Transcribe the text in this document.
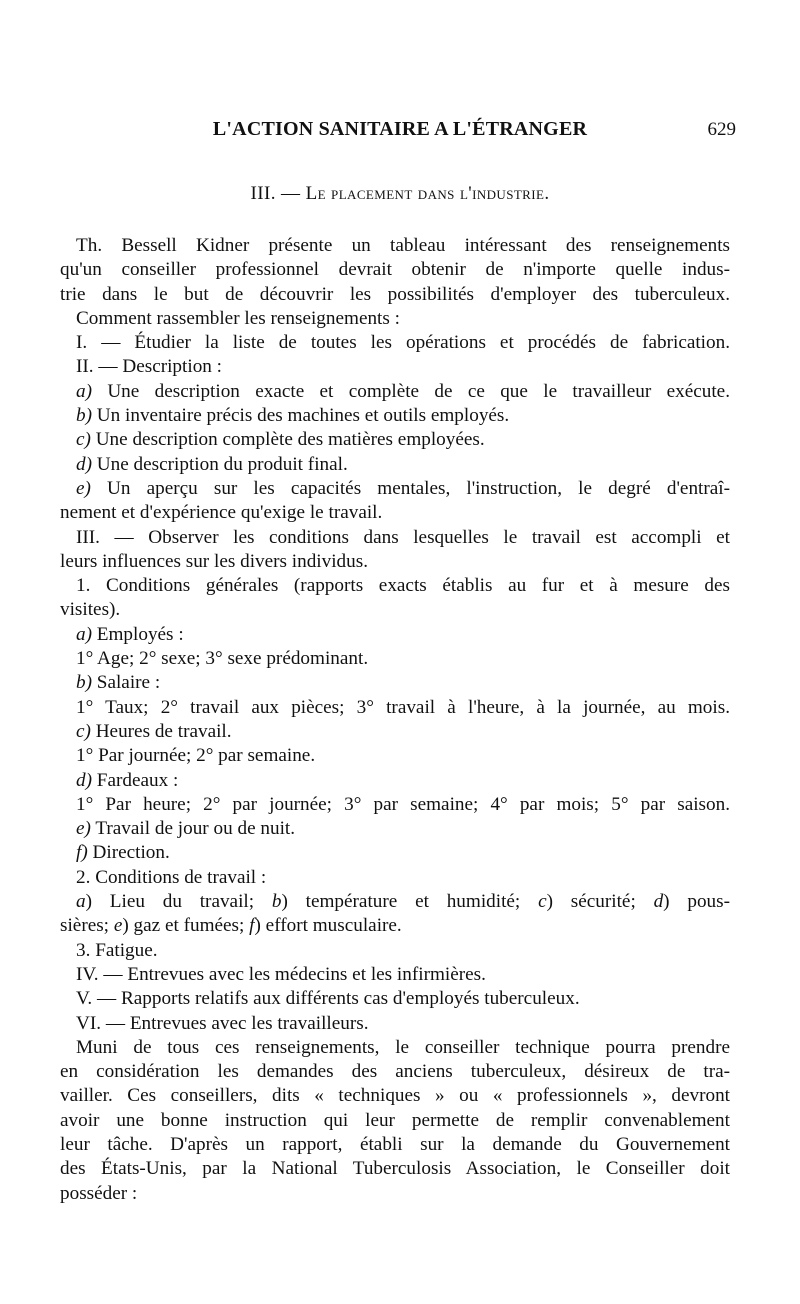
L'ACTION SANITAIRE A L'ÉTRANGER	629
III. — Le placement dans l'industrie.
Th. Bessell Kidner présente un tableau intéressant des renseignements
qu'un conseiller professionnel devrait obtenir de n'importe quelle indus-
trie dans le but de découvrir les possibilités d'employer des tuberculeux.
Comment rassembler les renseignements :
I. — Étudier la liste de toutes les opérations et procédés de fabrication.
II. — Description :
a) Une description exacte et complète de ce que le travailleur exécute.
b) Un inventaire précis des machines et outils employés.
c) Une description complète des matières employées.
d) Une description du produit final.
e) Un aperçu sur les capacités mentales, l'instruction, le degré d'entraî-
nement et d'expérience qu'exige le travail.
III. — Observer les conditions dans lesquelles le travail est accompli et
leurs influences sur les divers individus.
1. Conditions générales (rapports exacts établis au fur et à mesure des
visites).
a) Employés :
1° Age; 2° sexe; 3° sexe prédominant.
b) Salaire :
1° Taux; 2° travail aux pièces; 3° travail à l'heure, à la journée, au mois.
c) Heures de travail.
1° Par journée; 2° par semaine.
d) Fardeaux :
1° Par heure; 2° par journée; 3° par semaine; 4° par mois; 5° par saison.
e) Travail de jour ou de nuit.
f) Direction.
2. Conditions de travail :
a) Lieu du travail; b) température et humidité; c) sécurité; d) pous-
sières; e) gaz et fumées; f) effort musculaire.
3. Fatigue.
IV. — Entrevues avec les médecins et les infirmières.
V. — Rapports relatifs aux différents cas d'employés tuberculeux.
VI. — Entrevues avec les travailleurs.
Muni de tous ces renseignements, le conseiller technique pourra prendre
en considération les demandes des anciens tuberculeux, désireux de tra-
vailler. Ces conseillers, dits « techniques » ou « professionnels », devront
avoir une bonne instruction qui leur permette de remplir convenablement
leur tâche. D'après un rapport, établi sur la demande du Gouvernement
des États-Unis, par la National Tuberculosis Association, le Conseiller doit
posséder :
